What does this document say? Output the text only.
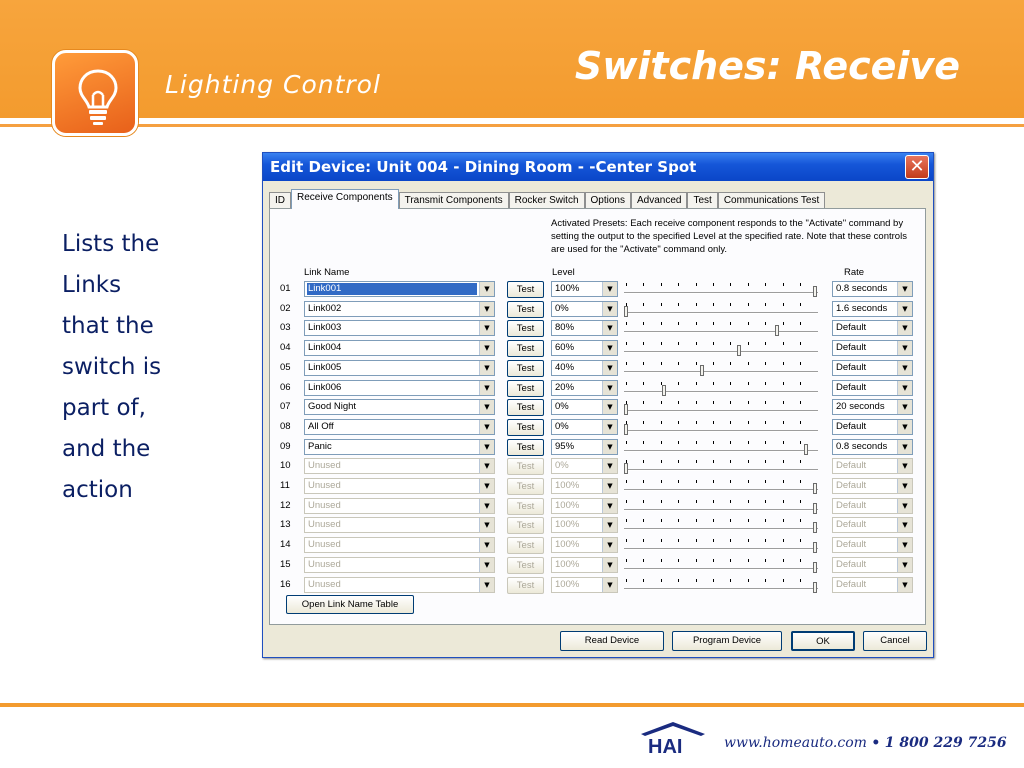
Lighting Control	Switches: Receive
Lists the
Links
that the
switch is
part of,
and the
action
Edit Device: Unit 004 - Dining Room - -Center Spot	✕
ID	Receive Components	Transmit Components	Rocker Switch	Options	Advanced	Test	Communications Test
Activated Presets: Each receive component responds to the "Activate" command by setting the output to the specified Level at the specified rate. Note that these controls are used for the "Activate" command only.
Link Name	Level	Rate
01 Link001	▼	Test	100%	▼	0.8 seconds	▼
02 Link002	▼	Test	0%	▼	1.6 seconds	▼
03 Link003	▼	Test	80%	▼	Default	▼
04 Link004	▼	Test	60%	▼	Default	▼
05 Link005	▼	Test	40%	▼	Default	▼
06 Link006	▼	Test	20%	▼	Default	▼
07 Good Night	▼	Test	0%	▼	20 seconds	▼
08 All Off	▼	Test	0%	▼	Default	▼
09 Panic	▼	Test	95%	▼	0.8 seconds	▼
10 Unused	▼	Test	0%	▼	Default	▼
11 Unused	▼	Test	100%	▼	Default	▼
12 Unused	▼	Test	100%	▼	Default	▼
13 Unused	▼	Test	100%	▼	Default	▼
14 Unused	▼	Test	100%	▼	Default	▼
15 Unused	▼	Test	100%	▼	Default	▼
16 Unused	▼	Test	100%	▼	Default	▼
Open Link Name Table
Read Device	Program Device	OK	Cancel
HAI	www.homeauto.com • 1 800 229 7256
